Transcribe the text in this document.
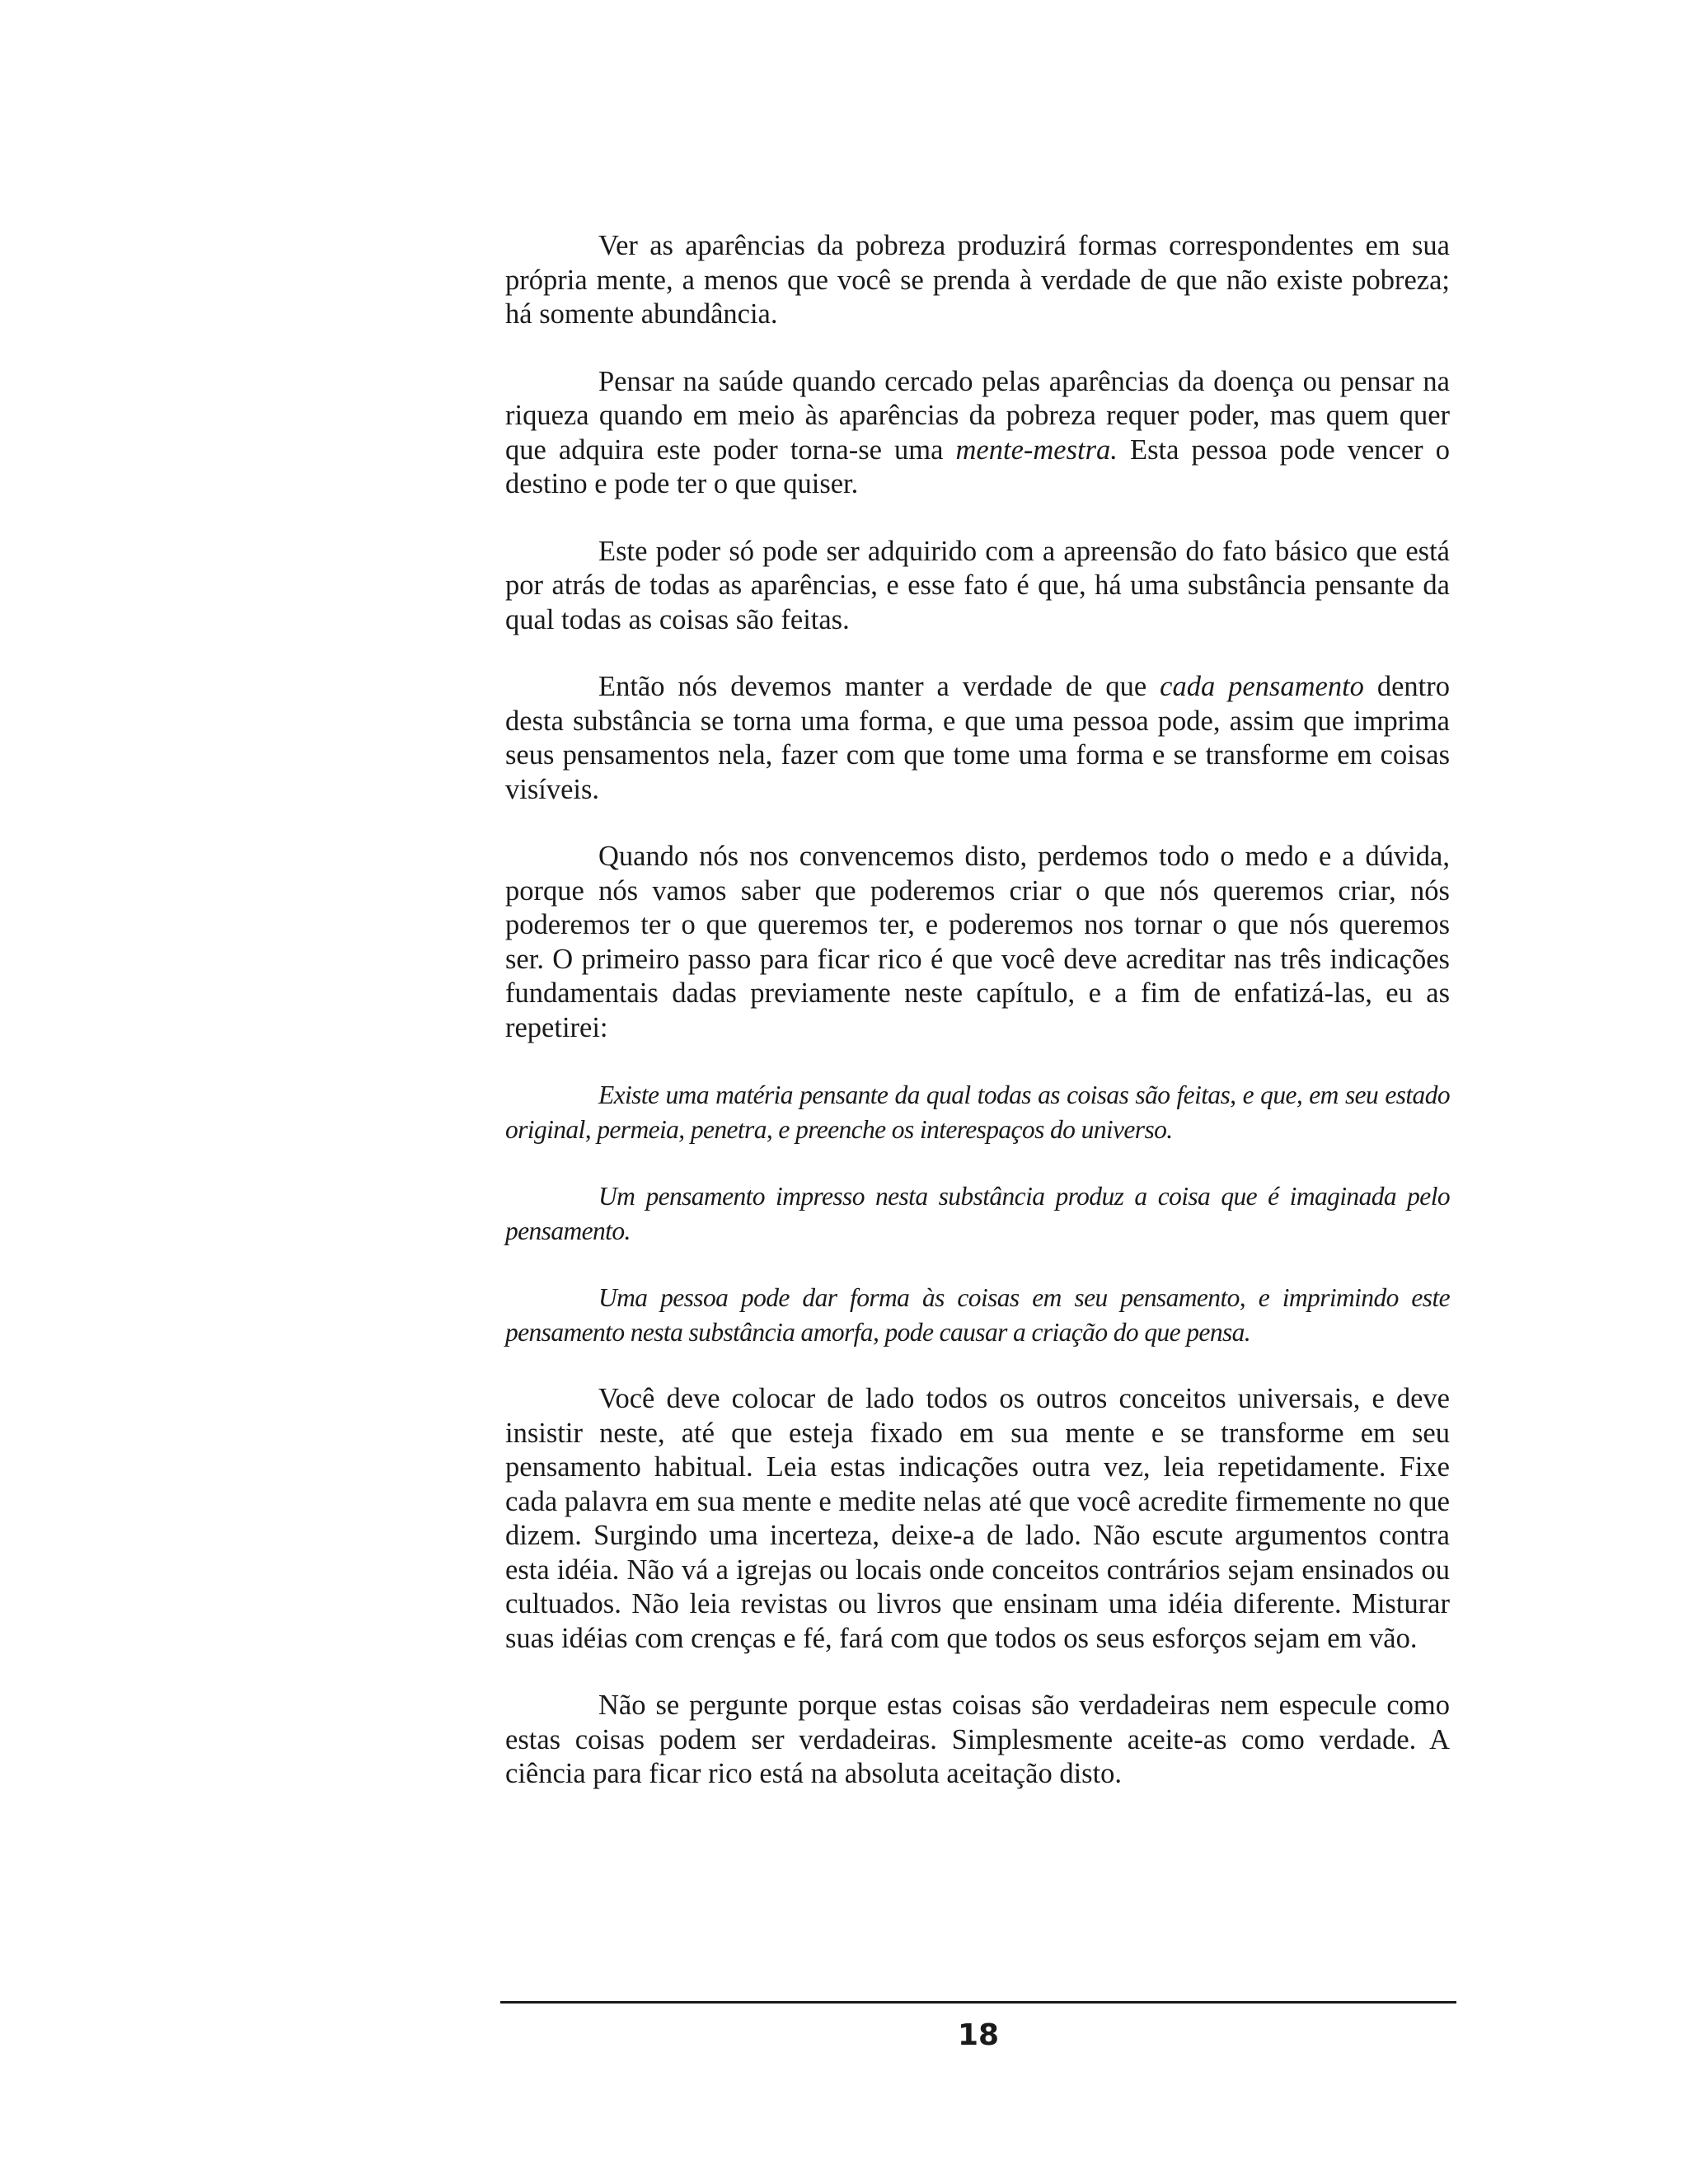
Ver as aparências da pobreza produzirá formas correspondentes em sua própria mente, a menos que você se prenda à verdade de que não existe pobreza; há somente abundância.

Pensar na saúde quando cercado pelas aparências da doença ou pensar na riqueza quando em meio às aparências da pobreza requer poder, mas quem quer que adquira este poder torna-se uma mente-mestra. Esta pessoa pode vencer o destino e pode ter o que quiser.

Este poder só pode ser adquirido com a apreensão do fato básico que está por atrás de todas as aparências, e esse fato é que, há uma substância pensante da qual todas as coisas são feitas.

Então nós devemos manter a verdade de que cada pensamento dentro desta substância se torna uma forma, e que uma pessoa pode, assim que imprima seus pensamentos nela, fazer com que tome uma forma e se transforme em coisas visíveis.

Quando nós nos convencemos disto, perdemos todo o medo e a dúvida, porque nós vamos saber que poderemos criar o que nós queremos criar, nós poderemos ter o que queremos ter, e poderemos nos tornar o que nós queremos ser. O primeiro passo para ficar rico é que você deve acreditar nas três indicações fundamentais dadas previamente neste capítulo, e a fim de enfatizá-las, eu as repetirei:

Existe uma matéria pensante da qual todas as coisas são feitas, e que, em seu estado original, permeia, penetra, e preenche os interespaços do universo.

Um pensamento impresso nesta substância produz a coisa que é imaginada pelo pensamento.

Uma pessoa pode dar forma às coisas em seu pensamento, e imprimindo este pensamento nesta substância amorfa, pode causar a criação do que pensa.

Você deve colocar de lado todos os outros conceitos universais, e deve insistir neste, até que esteja fixado em sua mente e se transforme em seu pensamento habitual. Leia estas indicações outra vez, leia repetidamente. Fixe cada palavra em sua mente e medite nelas até que você acredite firmemente no que dizem. Surgindo uma incerteza, deixe-a de lado. Não escute argumentos contra esta idéia. Não vá a igrejas ou locais onde conceitos contrários sejam ensinados ou cultuados. Não leia revistas ou livros que ensinam uma idéia diferente. Misturar suas idéias com crenças e fé, fará com que todos os seus esforços sejam em vão.

Não se pergunte porque estas coisas são verdadeiras nem especule como estas coisas podem ser verdadeiras. Simplesmente aceite-as como verdade. A ciência para ficar rico está na absoluta aceitação disto.

18
